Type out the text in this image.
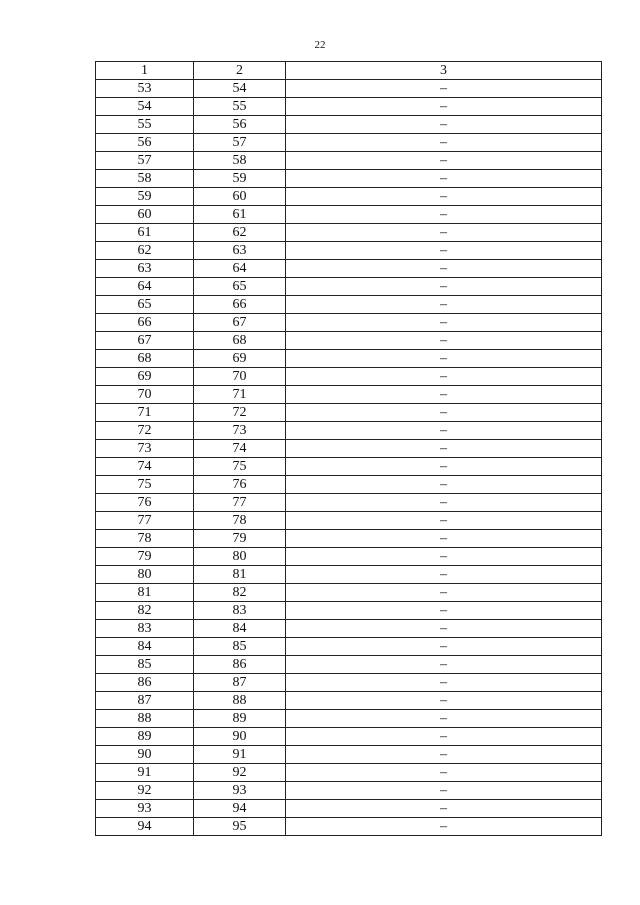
22
1	2	3
53	54	–
54	55	–
55	56	–
56	57	–
57	58	–
58	59	–
59	60	–
60	61	–
61	62	–
62	63	–
63	64	–
64	65	–
65	66	–
66	67	–
67	68	–
68	69	–
69	70	–
70	71	–
71	72	–
72	73	–
73	74	–
74	75	–
75	76	–
76	77	–
77	78	–
78	79	–
79	80	–
80	81	–
81	82	–
82	83	–
83	84	–
84	85	–
85	86	–
86	87	–
87	88	–
88	89	–
89	90	–
90	91	–
91	92	–
92	93	–
93	94	–
94	95	–
